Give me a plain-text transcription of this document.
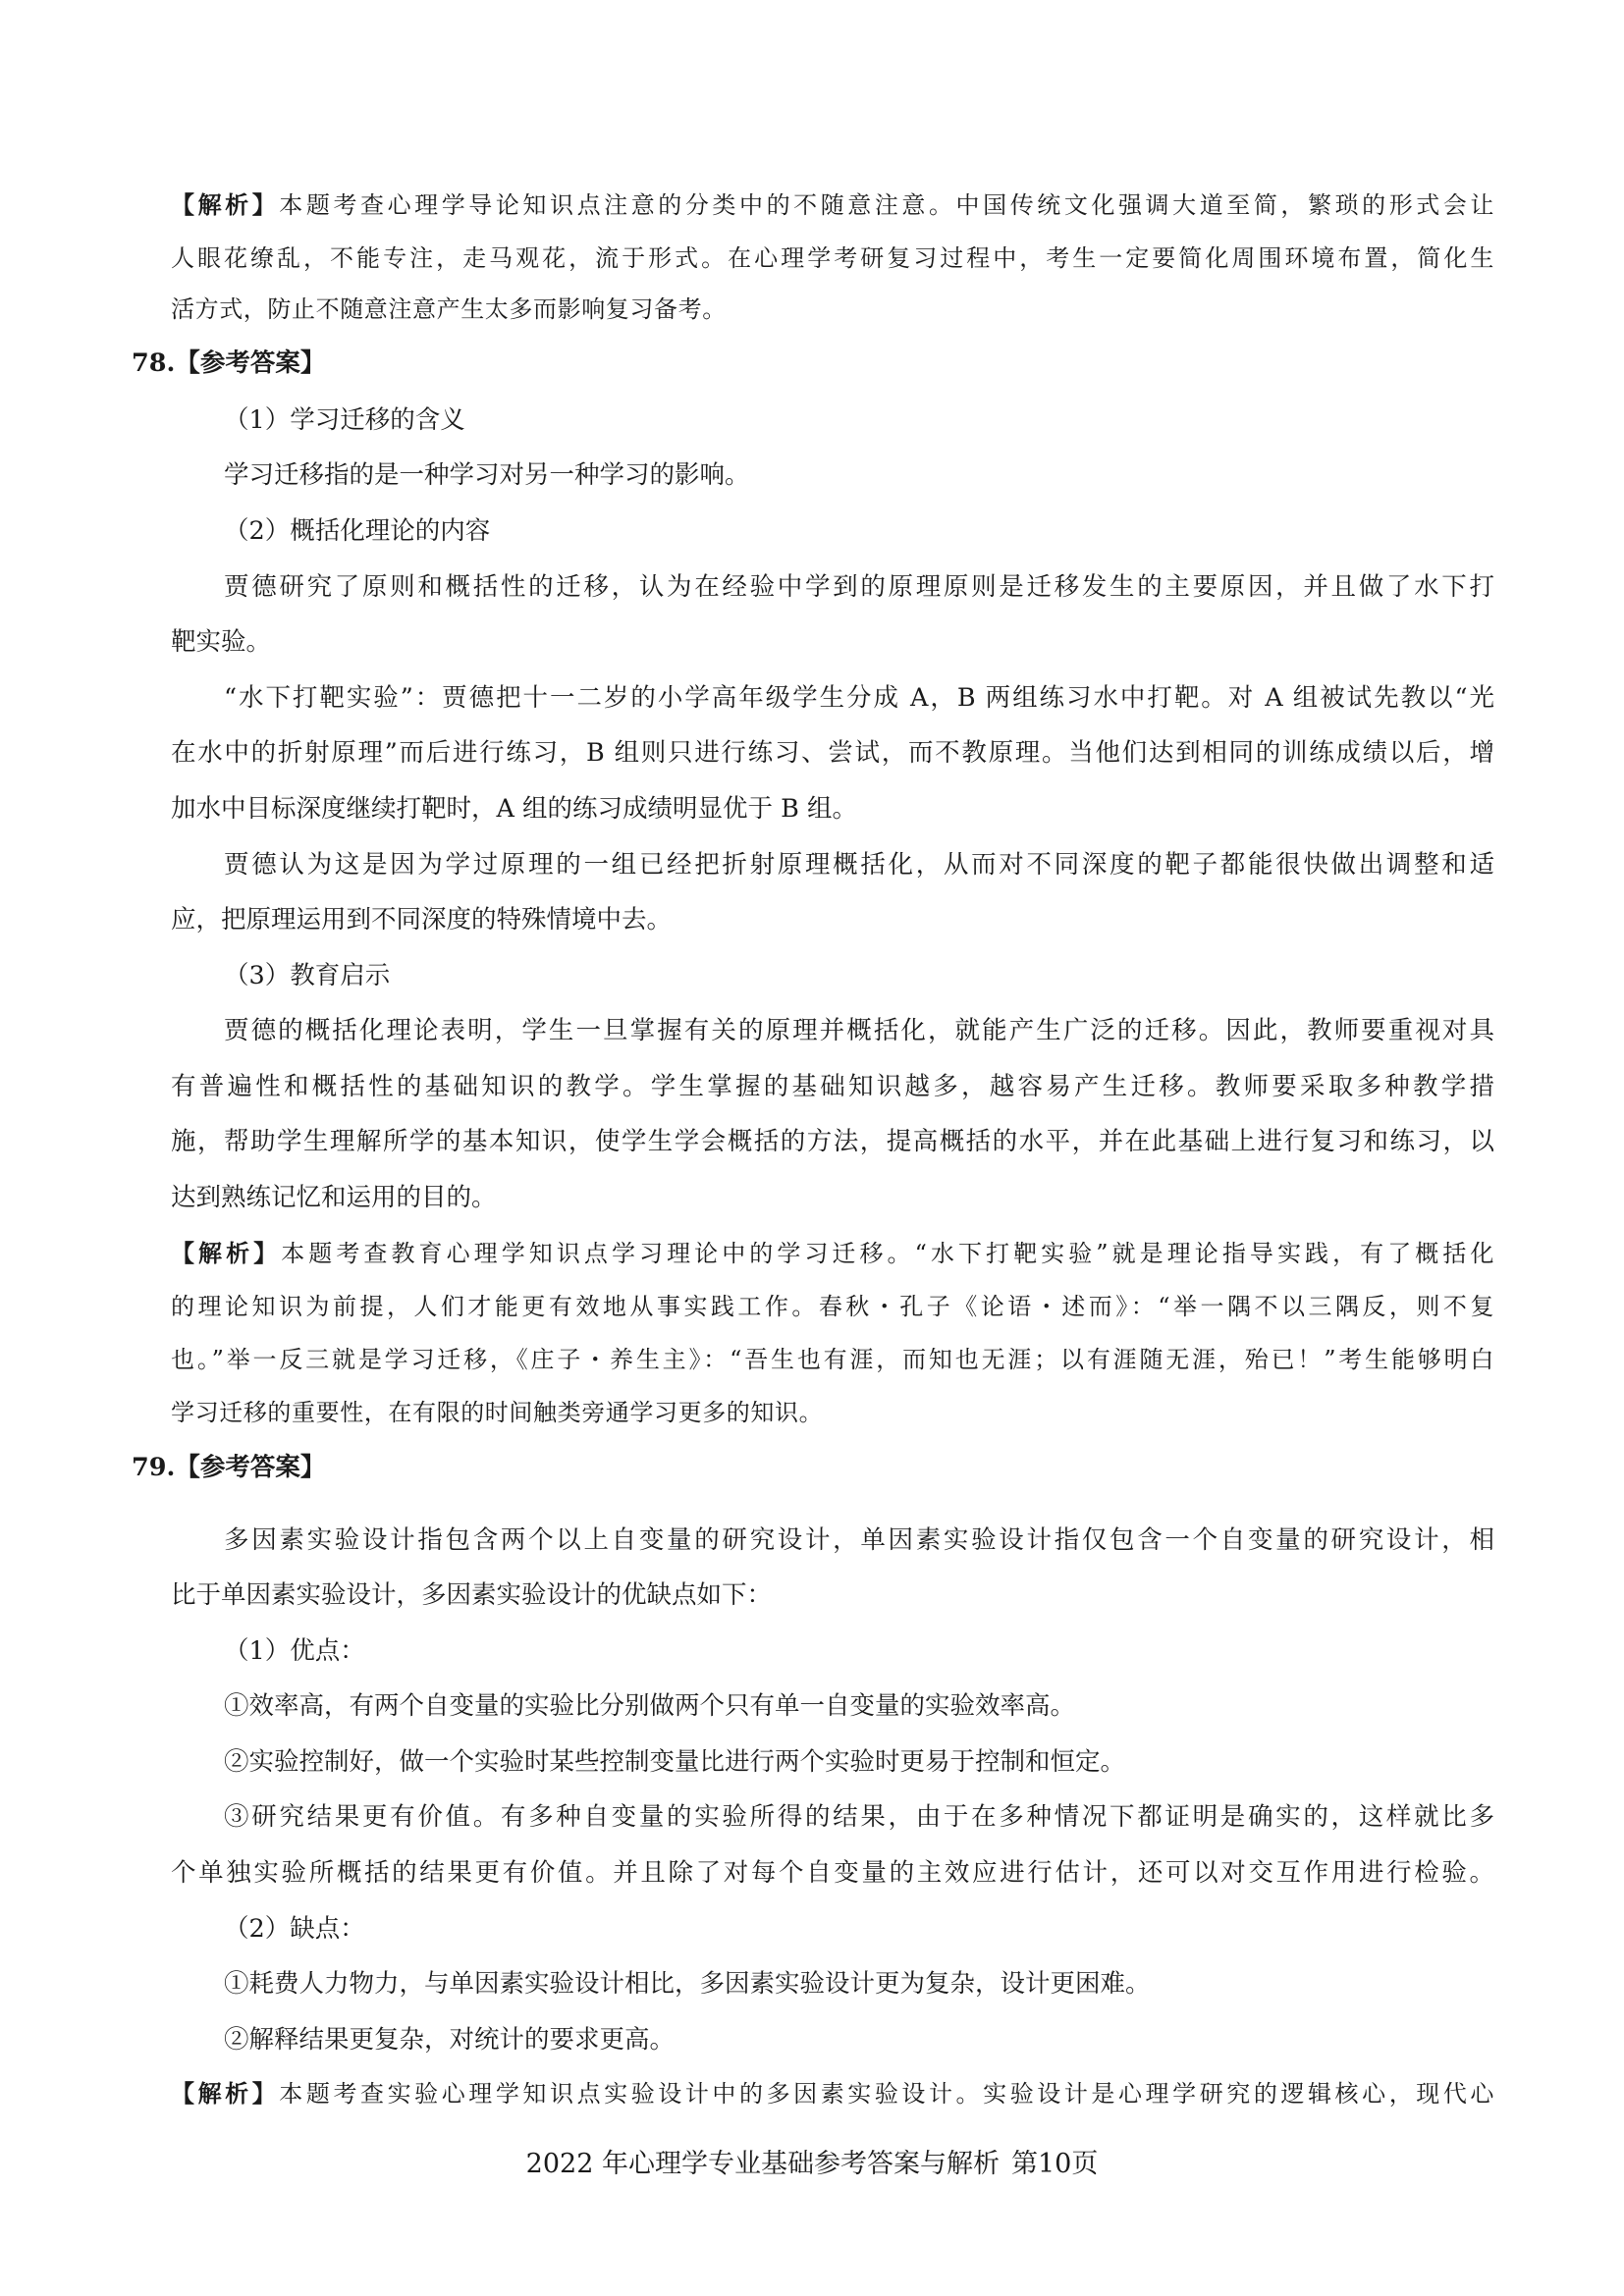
【解析】本题考查心理学导论知识点注意的分类中的不随意注意。中国传统文化强调大道至简，繁琐的形式会让
人眼花缭乱，不能专注，走马观花，流于形式。在心理学考研复习过程中，考生一定要简化周围环境布置，简化生
活方式，防止不随意注意产生太多而影响复习备考。
78.【参考答案】
（1）学习迁移的含义
学习迁移指的是一种学习对另一种学习的影响。
（2）概括化理论的内容
贾德研究了原则和概括性的迁移，认为在经验中学到的原理原则是迁移发生的主要原因，并且做了水下打
靶实验。
“水下打靶实验”：贾德把十一二岁的小学高年级学生分成 A，B 两组练习水中打靶。对 A 组被试先教以“光
在水中的折射原理”而后进行练习，B 组则只进行练习、尝试，而不教原理。当他们达到相同的训练成绩以后，增
加水中目标深度继续打靶时，A 组的练习成绩明显优于 B 组。
贾德认为这是因为学过原理的一组已经把折射原理概括化，从而对不同深度的靶子都能很快做出调整和适
应，把原理运用到不同深度的特殊情境中去。
（3）教育启示
贾德的概括化理论表明，学生一旦掌握有关的原理并概括化，就能产生广泛的迁移。因此，教师要重视对具
有普遍性和概括性的基础知识的教学。学生掌握的基础知识越多，越容易产生迁移。教师要采取多种教学措
施，帮助学生理解所学的基本知识，使学生学会概括的方法，提高概括的水平，并在此基础上进行复习和练习，以
达到熟练记忆和运用的目的。
【解析】本题考查教育心理学知识点学习理论中的学习迁移。“水下打靶实验”就是理论指导实践，有了概括化
的理论知识为前提，人们才能更有效地从事实践工作。春秋・孔子《论语・述而》：“举一隅不以三隅反，则不复
也。”举一反三就是学习迁移，《庄子・养生主》：“吾生也有涯，而知也无涯；以有涯随无涯，殆已！”考生能够明白
学习迁移的重要性，在有限的时间触类旁通学习更多的知识。
79.【参考答案】
多因素实验设计指包含两个以上自变量的研究设计，单因素实验设计指仅包含一个自变量的研究设计，相
比于单因素实验设计，多因素实验设计的优缺点如下：
（1）优点：
①效率高，有两个自变量的实验比分别做两个只有单一自变量的实验效率高。
②实验控制好，做一个实验时某些控制变量比进行两个实验时更易于控制和恒定。
③研究结果更有价值。有多种自变量的实验所得的结果，由于在多种情况下都证明是确实的，这样就比多
个单独实验所概括的结果更有价值。并且除了对每个自变量的主效应进行估计，还可以对交互作用进行检验。
（2）缺点：
①耗费人力物力，与单因素实验设计相比，多因素实验设计更为复杂，设计更困难。
②解释结果更复杂，对统计的要求更高。
【解析】本题考查实验心理学知识点实验设计中的多因素实验设计。实验设计是心理学研究的逻辑核心，现代心
2022 年心理学专业基础参考答案与解析 第10页
